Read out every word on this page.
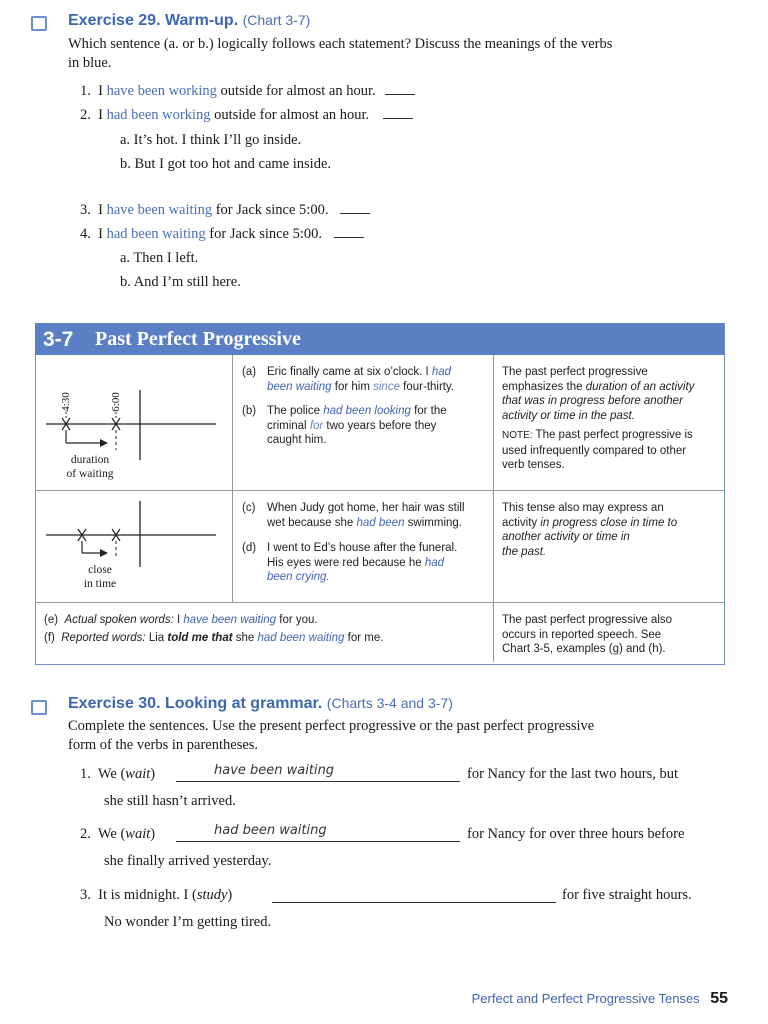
Exercise 29. Warm-up. (Chart 3-7)
Which sentence (a. or b.) logically follows each statement? Discuss the meanings of the verbs
in blue.
1. I have been working outside for almost an hour.
2. I had been working outside for almost an hour.
a. It’s hot. I think I’ll go inside.
b. But I got too hot and came inside.
3. I have been waiting for Jack since 5:00.
4. I had been waiting for Jack since 5:00.
a. Then I left.
b. And I’m still here.
3-7 Past Perfect Progressive
4:30	6:00
duration
of waiting
close
in time
(a) Eric finally came at six o’clock. I had
been waiting for him since four-thirty.
(b) The police had been looking for the
criminal for two years before they
caught him.
The past perfect progressive
emphasizes the duration of an activity
that was in progress before another
activity or time in the past.
NOTE: The past perfect progressive is
used infrequently compared to other
verb tenses.
(c) When Judy got home, her hair was still
wet because she had been swimming.
(d) I went to Ed’s house after the funeral.
His eyes were red because he had
been crying.
This tense also may express an
activity in progress close in time to
another activity or time in
the past.
(e) Actual spoken words: I have been waiting for you.
(f) Reported words: Lia told me that she had been waiting for me.
The past perfect progressive also
occurs in reported speech. See
Chart 3-5, examples (g) and (h).
Exercise 30. Looking at grammar. (Charts 3-4 and 3-7)
Complete the sentences. Use the present perfect progressive or the past perfect progressive
form of the verbs in parentheses.
1. We (wait)	have been waiting	for Nancy for the last two hours, but
she still hasn’t arrived.
2. We (wait)	had been waiting	for Nancy for over three hours before
she finally arrived yesterday.
3. It is midnight. I (study)	for five straight hours.
No wonder I’m getting tired.
Perfect and Perfect Progressive Tenses 55
